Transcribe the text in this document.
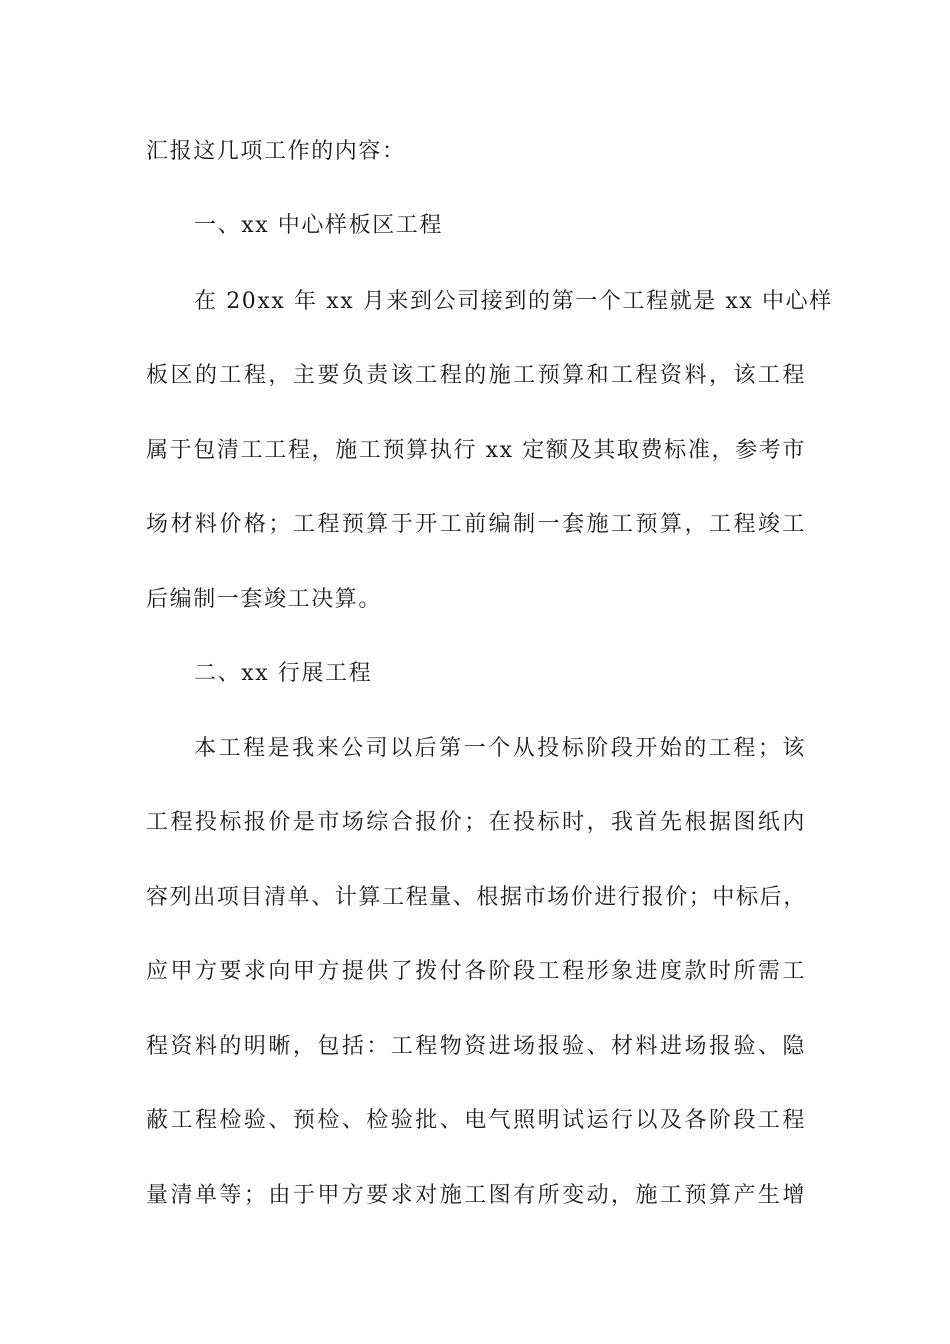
汇报这几项工作的内容：
一、xx 中心样板区工程
在 20xx 年 xx 月来到公司接到的第一个工程就是 xx 中心样
板区的工程，主要负责该工程的施工预算和工程资料，该工程
属于包清工工程，施工预算执行 xx 定额及其取费标准，参考市
场材料价格；工程预算于开工前编制一套施工预算，工程竣工
后编制一套竣工决算。
二、xx 行展工程
本工程是我来公司以后第一个从投标阶段开始的工程；该
工程投标报价是市场综合报价；在投标时，我首先根据图纸内
容列出项目清单、计算工程量、根据市场价进行报价；中标后，
应甲方要求向甲方提供了拨付各阶段工程形象进度款时所需工
程资料的明晰，包括：工程物资进场报验、材料进场报验、隐
蔽工程检验、预检、检验批、电气照明试运行以及各阶段工程
量清单等；由于甲方要求对施工图有所变动，施工预算产生增
